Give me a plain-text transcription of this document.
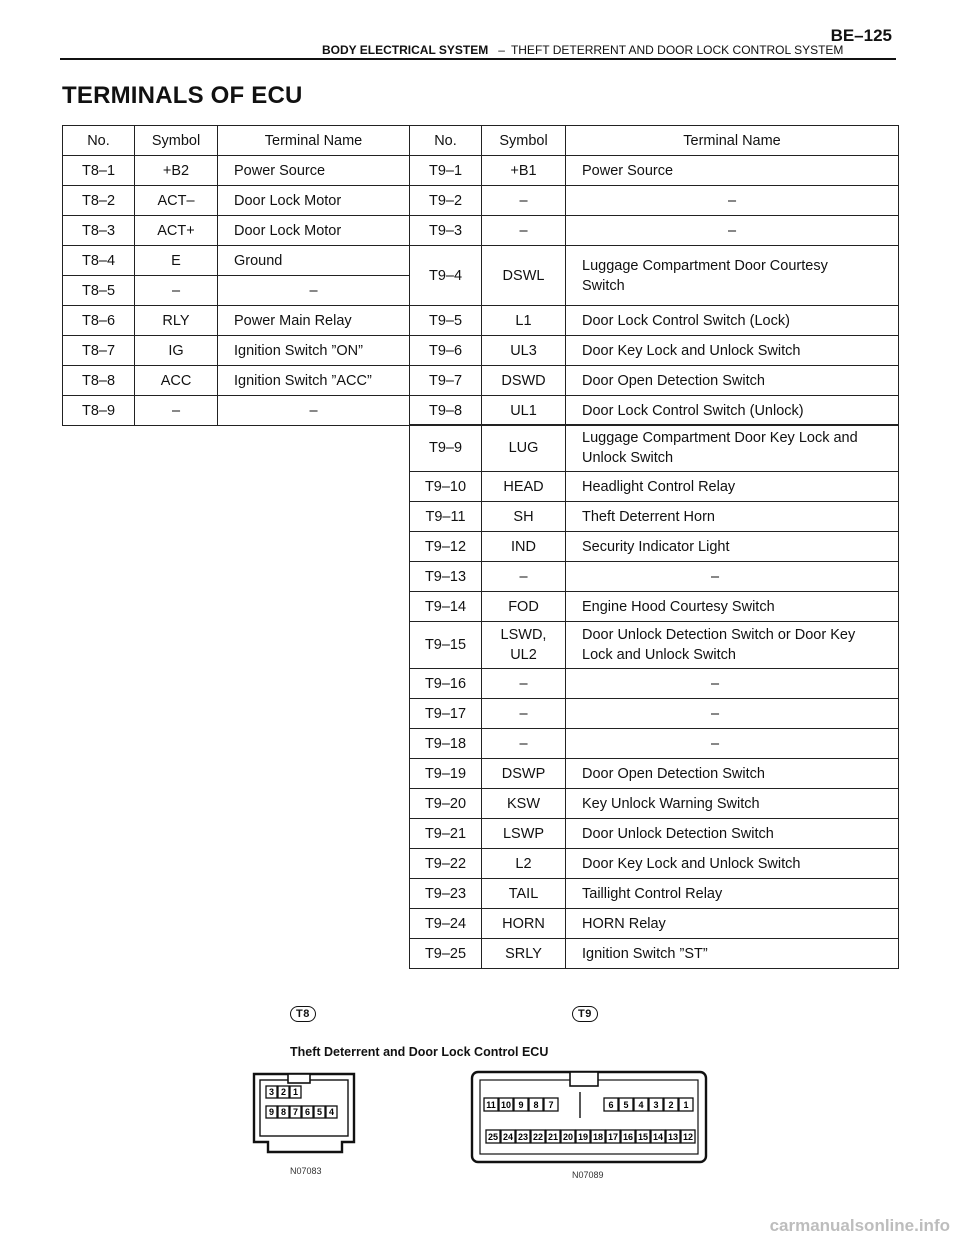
BE–125
BODY ELECTRICAL SYSTEM – THEFT DETERRENT AND DOOR LOCK CONTROL SYSTEM
TERMINALS OF ECU
No.	Symbol	Terminal Name	No.	Symbol	Terminal Name
T8–1	+B2	Power Source	T9–1	+B1	Power Source
T8–2	ACT–	Door Lock Motor	T9–2	–	–
T8–3	ACT+	Door Lock Motor	T9–3	–	–
T8–4	E	Ground	T9–4	DSWL	Luggage Compartment Door Courtesy Switch
T8–5	–	–			
T8–6	RLY	Power Main Relay	T9–5	L1	Door Lock Control Switch (Lock)
T8–7	IG	Ignition Switch ”ON”	T9–6	UL3	Door Key Lock and Unlock Switch
T8–8	ACC	Ignition Switch ”ACC”	T9–7	DSWD	Door Open Detection Switch
T8–9	–	–	T9–8	UL1	Door Lock Control Switch (Unlock)
T9–9	LUG	Luggage Compartment Door Key Lock and Unlock Switch
T9–10	HEAD	Headlight Control Relay
T9–11	SH	Theft Deterrent Horn
T9–12	IND	Security Indicator Light
T9–13	–	–
T9–14	FOD	Engine Hood Courtesy Switch
T9–15	LSWD, UL2	Door Unlock Detection Switch or Door Key Lock and Unlock Switch
T9–16	–	–
T9–17	–	–
T9–18	–	–
T9–19	DSWP	Door Open Detection Switch
T9–20	KSW	Key Unlock Warning Switch
T9–21	LSWP	Door Unlock Detection Switch
T9–22	L2	Door Key Lock and Unlock Switch
T9–23	TAIL	Taillight Control Relay
T9–24	HORN	HORN Relay
T9–25	SRLY	Ignition Switch ”ST”
T8	T9
Theft Deterrent and Door Lock Control ECU
3 2 1
9 8 7 6 5 4
N07083
11 10 9 8 7	6 5 4 3 2 1
25 24 23 22 21 20 19 18 17 16 15 14 13 12
N07089
carmanualsonline.info
